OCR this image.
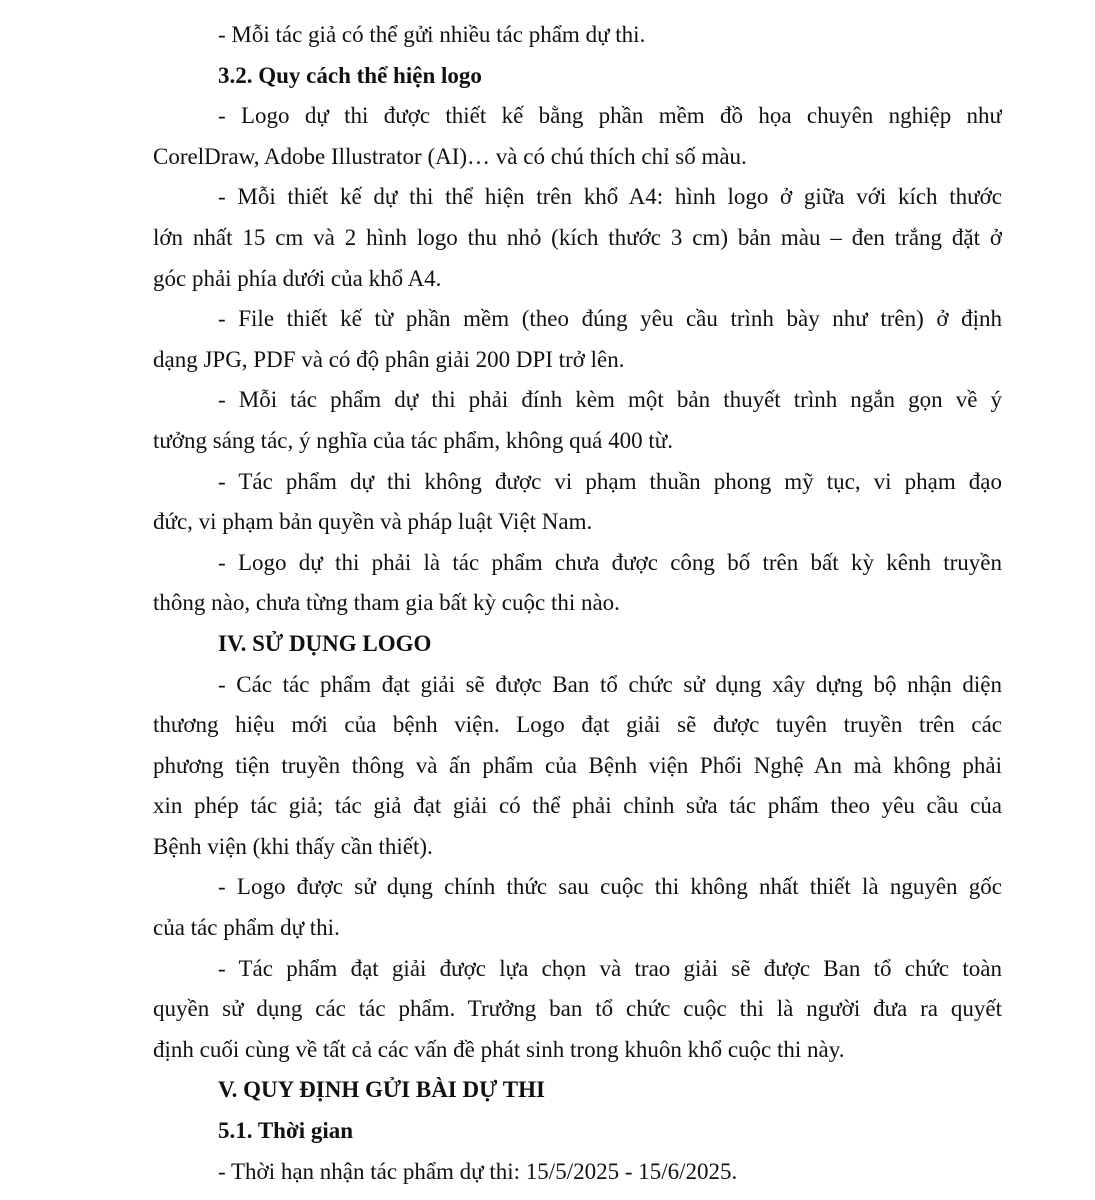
- Mỗi tác giả có thể gửi nhiều tác phẩm dự thi.
3.2. Quy cách thể hiện logo
- Logo dự thi được thiết kế bằng phần mềm đồ họa chuyên nghiệp như
CorelDraw, Adobe Illustrator (AI)… và có chú thích chỉ số màu.
- Mỗi thiết kế dự thi thể hiện trên khổ A4: hình logo ở giữa với kích thước
lớn nhất 15 cm và 2 hình logo thu nhỏ (kích thước 3 cm) bản màu – đen trắng đặt ở
góc phải phía dưới của khổ A4.
- File thiết kế từ phần mềm (theo đúng yêu cầu trình bày như trên) ở định
dạng JPG, PDF và có độ phân giải 200 DPI trở lên.
- Mỗi tác phẩm dự thi phải đính kèm một bản thuyết trình ngắn gọn về ý
tưởng sáng tác, ý nghĩa của tác phẩm, không quá 400 từ.
- Tác phẩm dự thi không được vi phạm thuần phong mỹ tục, vi phạm đạo
đức, vi phạm bản quyền và pháp luật Việt Nam.
- Logo dự thi phải là tác phẩm chưa được công bố trên bất kỳ kênh truyền
thông nào, chưa từng tham gia bất kỳ cuộc thi nào.
IV. SỬ DỤNG LOGO
- Các tác phẩm đạt giải sẽ được Ban tổ chức sử dụng xây dựng bộ nhận diện
thương hiệu mới của bệnh viện. Logo đạt giải sẽ được tuyên truyền trên các
phương tiện truyền thông và ấn phẩm của Bệnh viện Phổi Nghệ An mà không phải
xin phép tác giả; tác giả đạt giải có thể phải chỉnh sửa tác phẩm theo yêu cầu của
Bệnh viện (khi thấy cần thiết).
- Logo được sử dụng chính thức sau cuộc thi không nhất thiết là nguyên gốc
của tác phẩm dự thi.
- Tác phẩm đạt giải được lựa chọn và trao giải sẽ được Ban tổ chức toàn
quyền sử dụng các tác phẩm. Trưởng ban tổ chức cuộc thi là người đưa ra quyết
định cuối cùng về tất cả các vấn đề phát sinh trong khuôn khổ cuộc thi này.
V. QUY ĐỊNH GỬI BÀI DỰ THI
5.1. Thời gian
- Thời hạn nhận tác phẩm dự thi: 15/5/2025 - 15/6/2025.
